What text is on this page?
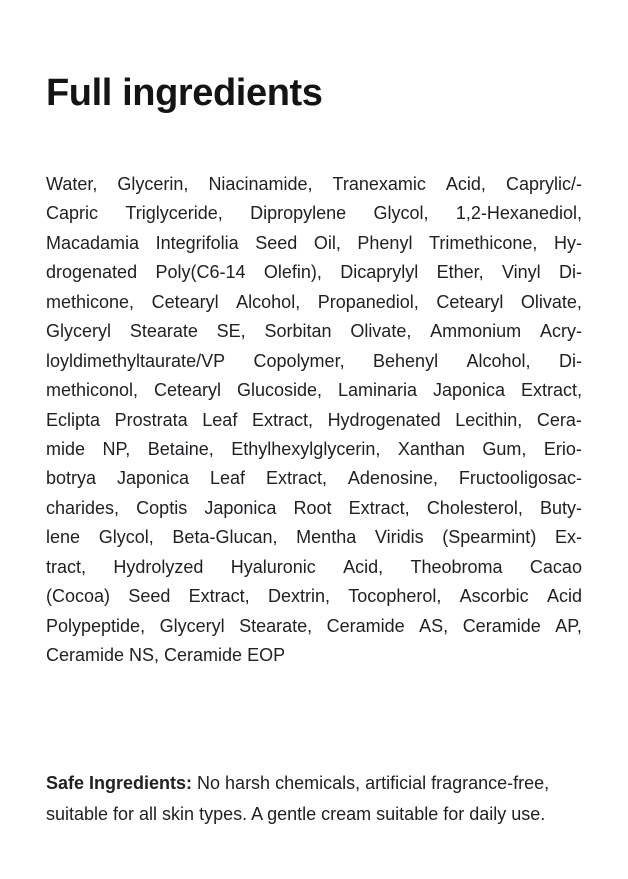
Full ingredients
Water, Glycerin, Niacinamide, Tranexamic Acid, Caprylic/-
Capric Triglyceride, Dipropylene Glycol, 1,2-Hexanediol,
Macadamia Integrifolia Seed Oil, Phenyl Trimethicone, Hy-
drogenated Poly(C6-14 Olefin), Dicaprylyl Ether, Vinyl Di-
methicone, Cetearyl Alcohol, Propanediol, Cetearyl Olivate,
Glyceryl Stearate SE, Sorbitan Olivate, Ammonium Acry-
loyldimethyltaurate/VP Copolymer, Behenyl Alcohol, Di-
methiconol, Cetearyl Glucoside, Laminaria Japonica Extract,
Eclipta Prostrata Leaf Extract, Hydrogenated Lecithin, Cera-
mide NP, Betaine, Ethylhexylglycerin, Xanthan Gum, Erio-
botrya Japonica Leaf Extract, Adenosine, Fructooligosac-
charides, Coptis Japonica Root Extract, Cholesterol, Buty-
lene Glycol, Beta-Glucan, Mentha Viridis (Spearmint) Ex-
tract, Hydrolyzed Hyaluronic Acid, Theobroma Cacao
(Cocoa) Seed Extract, Dextrin, Tocopherol, Ascorbic Acid
Polypeptide, Glyceryl Stearate, Ceramide AS, Ceramide AP,
Ceramide NS, Ceramide EOP
Safe Ingredients: No harsh chemicals, artificial fragrance-free,
suitable for all skin types. A gentle cream suitable for daily use.
